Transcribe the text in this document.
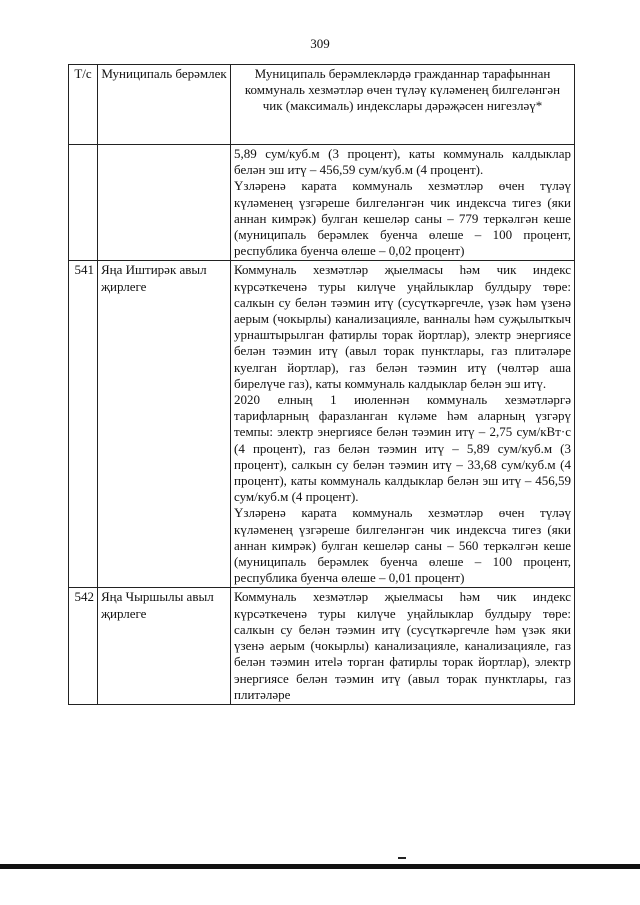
309
Т/с	Муниципаль берәмлек	Муниципаль берәмлекләрдә гражданнар тарафыннан коммуналь хезмәтләр өчен түләү күләменең билгеләнгән чик (максималь) индекслары дәрәҗәсен нигезләү*

		5,89 сум/куб.м (3 процент), каты коммуналь калдыклар белән эш итү – 456,59 сум/куб.м (4 процент).

Үзләренә карата коммуналь хезмәтләр өчен түләү күләменең үзгәреше билгеләнгән чик индексча тигез (яки аннан кимрәк) булган кешеләр саны – 779 теркәлгән кеше (муниципаль берәмлек буенча өлеше – 100 процент, республика буенча өлеше – 0,02 процент)

541	Яңа Иштирәк авыл җирлеге	Коммуналь хезмәтләр җыелмасы һәм чик индекс күрсәткеченә туры килүче уңайлыклар булдыру төре: салкын су белән тәэмин итү (сусүткәргечле, үзәк һәм үзенә аерым (чокырлы) канализацияле, ванналы һәм суҗылыткыч урнаштырылган фатирлы торак йортлар), электр энергиясе белән тәэмин итү (авыл торак пунктлары, газ плитәләре куелган йортлар), газ белән тәэмин итү (чөлтәр аша бирелүче газ), каты коммуналь калдыклар белән эш итү.

2020 елның 1 июленнән коммуналь хезмәтләргә тарифларның фаразланган күләме һәм аларның үзгәрү темпы: электр энергиясе белән тәэмин итү – 2,75 сум/кВт·с (4 процент), газ белән тәэмин итү – 5,89 сум/куб.м (3 процент), салкын су белән тәэмин итү – 33,68 сум/куб.м (4 процент), каты коммуналь калдыклар белән эш итү – 456,59 сум/куб.м (4 процент).

Үзләренә карата коммуналь хезмәтләр өчен түләү күләменең үзгәреше билгеләнгән чик индексча тигез (яки аннан кимрәк) булган кешеләр саны – 560 теркәлгән кеше (муниципаль берәмлек буенча өлеше – 100 процент, республика буенча өлеше – 0,01 процент)

542	Яңа Чыршылы авыл җирлеге	Коммуналь хезмәтләр җыелмасы һәм чик индекс күрсәткеченә туры килүче уңайлыклар булдыру төре: салкын су белән тәэмин итү (сусүткәргечле һәм үзәк яки үзенә аерым (чокырлы) канализацияле, канализацияле, газ белән тәэмин итеlә торган фатирлы торак йортлар), электр энергиясе белән тәэмин итү (авыл торак пунктлары, газ плитәләре
